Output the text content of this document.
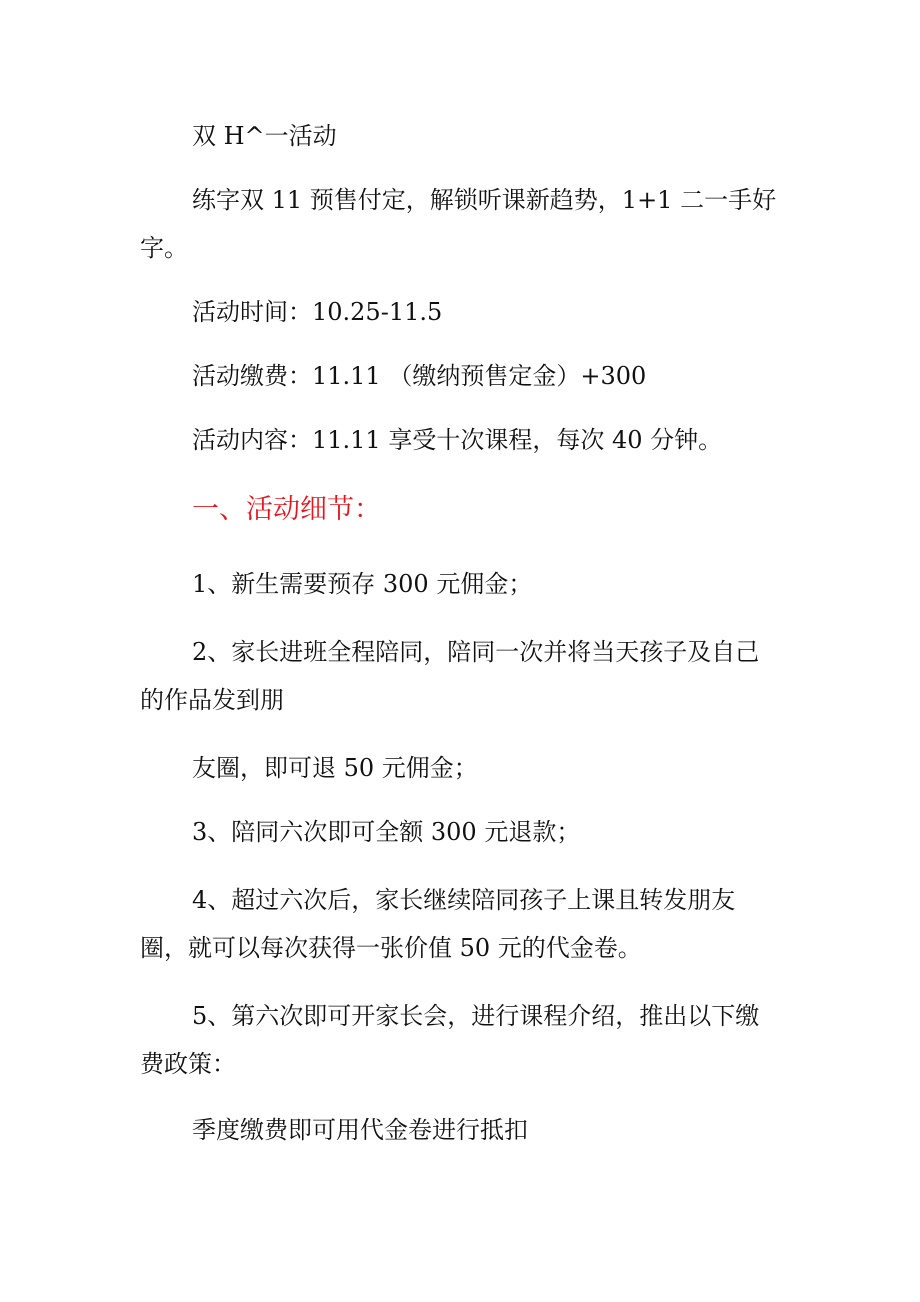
双 H^一活动

练字双 11 预售付定，解锁听课新趋势，1+1 二一手好字。

活动时间：10.25-11.5

活动缴费：11.11 （缴纳预售定金）+300

活动内容：11.11 享受十次课程，每次 40 分钟。

一、活动细节：

1、新生需要预存 300 元佣金；

2、家长进班全程陪同，陪同一次并将当天孩子及自己的作品发到朋

友圈，即可退 50 元佣金；

3、陪同六次即可全额 300 元退款；

4、超过六次后，家长继续陪同孩子上课且转发朋友圈，就可以每次获得一张价值 50 元的代金卷。

5、第六次即可开家长会，进行课程介绍，推出以下缴费政策：

季度缴费即可用代金卷进行抵扣
